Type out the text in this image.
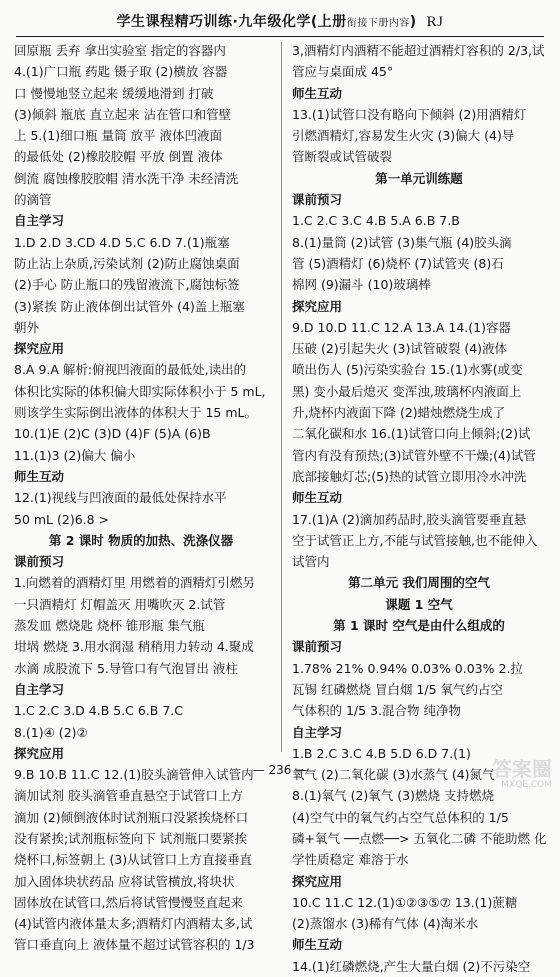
学生课程精巧训练·九年级化学(上册衔接下册内容) RJ
回原瓶 丢弃 拿出实验室 指定的容器内
4.(1)广口瓶 药匙 镊子取 (2)横放 容器
口 慢慢地竖立起来 缓缓地滑到 打破
(3)倾斜 瓶底 直立起来 沾在管口和管壁
上 5.(1)细口瓶 量筒 放平 液体凹液面
的最低处 (2)橡胶胶帽 平放 倒置 液体
倒流 腐蚀橡胶胶帽 清水洗干净 未经清洗
的滴管
自主学习
1.D 2.D 3.CD 4.D 5.C 6.D 7.(1)瓶塞
防止沾上杂质,污染试剂 (2)防止腐蚀桌面
(2)手心 防止瓶口的残留液流下,腐蚀标签
(3)紧挨 防止液体倒出试管外 (4)盖上瓶塞
朝外
探究应用
8.A 9.A 解析:俯视凹液面的最低处,读出的
体积比实际的体积偏大即实际体积小于 5 mL,
则该学生实际倒出液体的体积大于 15 mL。
10.(1)E (2)C (3)D (4)F (5)A (6)B
11.(1)3 (2)偏大 偏小
师生互动
12.(1)视线与凹液面的最低处保持水平
50 mL (2)6.8 >
第 2 课时 物质的加热、洗涤仪器
课前预习
1.向燃着的酒精灯里 用燃着的酒精灯引燃另
一只酒精灯 灯帽盖灭 用嘴吹灭 2.试管
蒸发皿 燃烧匙 烧杯 锥形瓶 集气瓶
坩埚 燃烧 3.用水润湿 稍稍用力转动 4.聚成
水滴 成股流下 5.导管口有气泡冒出 液柱
自主学习
1.C 2.C 3.D 4.B 5.C 6.B 7.C
8.(1)④ (2)②
探究应用
9.B 10.B 11.C 12.(1)胶头滴管伸入试管内
滴加试剂 胶头滴管垂直悬空于试管口上方
滴加 (2)倾倒液体时试剂瓶口没紧挨烧杯口
没有紧挨;试剂瓶标签向下 试剂瓶口要紧挨
烧杯口,标签朝上 (3)从试管口上方直接垂直
加入固体块状药品 应将试管横放,将块状
固体放在试管口,然后将试管慢慢竖直起来
(4)试管内液体量太多;酒精灯内酒精太多,试
管口垂直向上 液体量不超过试管容积的 1/3
3,酒精灯内酒精不能超过酒精灯容积的 2/3,试
管应与桌面成 45°
师生互动
13.(1)试管口没有略向下倾斜 (2)用酒精灯
引燃酒精灯,容易发生火灾 (3)偏大 (4)导
管断裂或试管破裂
第一单元训练题
课前预习
1.C 2.C 3.C 4.B 5.A 6.B 7.B
8.(1)量筒 (2)试管 (3)集气瓶 (4)胶头滴
管 (5)酒精灯 (6)烧杯 (7)试管夹 (8)石
棉网 (9)漏斗 (10)玻璃棒
探究应用
9.D 10.D 11.C 12.A 13.A 14.(1)容器
压破 (2)引起失火 (3)试管破裂 (4)液体
喷出伤人 (5)污染实验台 15.(1)水雾(或变
黑) 变小最后熄灭 变浑浊,玻璃杯内液面上
升,烧杯内液面下降 (2)蜡烛燃烧生成了
二氧化碳和水 16.(1)试管口向上倾斜;(2)试
管内有没有预热;(3)试管外壁不干燥;(4)试管
底部接触灯芯;(5)热的试管立即用冷水冲洗
师生互动
17.(1)A (2)滴加药品时,胶头滴管要垂直悬
空于试管正上方,不能与试管接触,也不能伸入
试管内
第二单元 我们周围的空气
课题 1 空气
第 1 课时 空气是由什么组成的
课前预习
1.78% 21% 0.94% 0.03% 0.03% 2.拉
瓦锡 红磷燃烧 冒白烟 1/5 氧气约占空
气体积的 1/5 3.混合物 纯净物
自主学习
1.B 2.C 3.C 4.B 5.D 6.D 7.(1)
氧气 (2)二氧化碳 (3)水蒸气 (4)氮气
8.(1)氧气 (2)氧气 (3)燃烧 支持燃烧
(4)空气中的氧气约占空气总体积的 1/5
磷+氧气 ──点燃──> 五氧化二磷 不能助燃 化
学性质稳定 难溶于水
探究应用
10.C 11.C 12.(1)①②③⑤⑦ 13.(1)蔗糖
(2)蒸馏水 (3)稀有气体 (4)淘米水
师生互动
14.(1)红磷燃烧,产生大量白烟 (2)不污染空
— 236 —	答案圈
MXQE.COM
